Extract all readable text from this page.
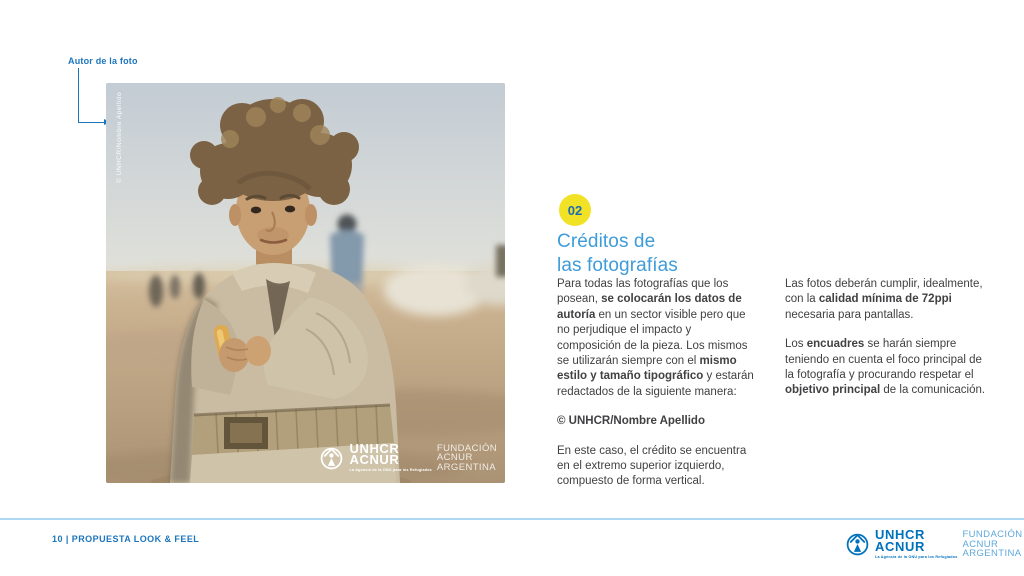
Autor de la foto
© UNHCR/Nombre Apellido
UNHCR
ACNUR
La Agencia de la ONU para los Refugiados
FUNDACIÓN
ACNUR
ARGENTINA
02
Créditos de
las fotografías

Para todas las fotografías que los posean, se colocarán los datos de autoría en un sector visible pero que no perjudique el impacto y composición de la pieza. Los mismos se utilizarán siempre con el mismo estilo y tamaño tipográfico y estarán redactados de la siguiente manera:

© UNHCR/Nombre Apellido

En este caso, el crédito se encuentra en el extremo superior izquierdo, compuesto de forma vertical.

Las fotos deberán cumplir, idealmente, con la calidad mínima de 72ppi necesaria para pantallas.

Los encuadres se harán siempre teniendo en cuenta el foco principal de la fotografía y procurando respetar el objetivo principal de la comunicación.

10 | PROPUESTA LOOK & FEEL	UNHCR
ACNUR
La Agencia de la ONU para los Refugiados
FUNDACIÓN
ACNUR
ARGENTINA
